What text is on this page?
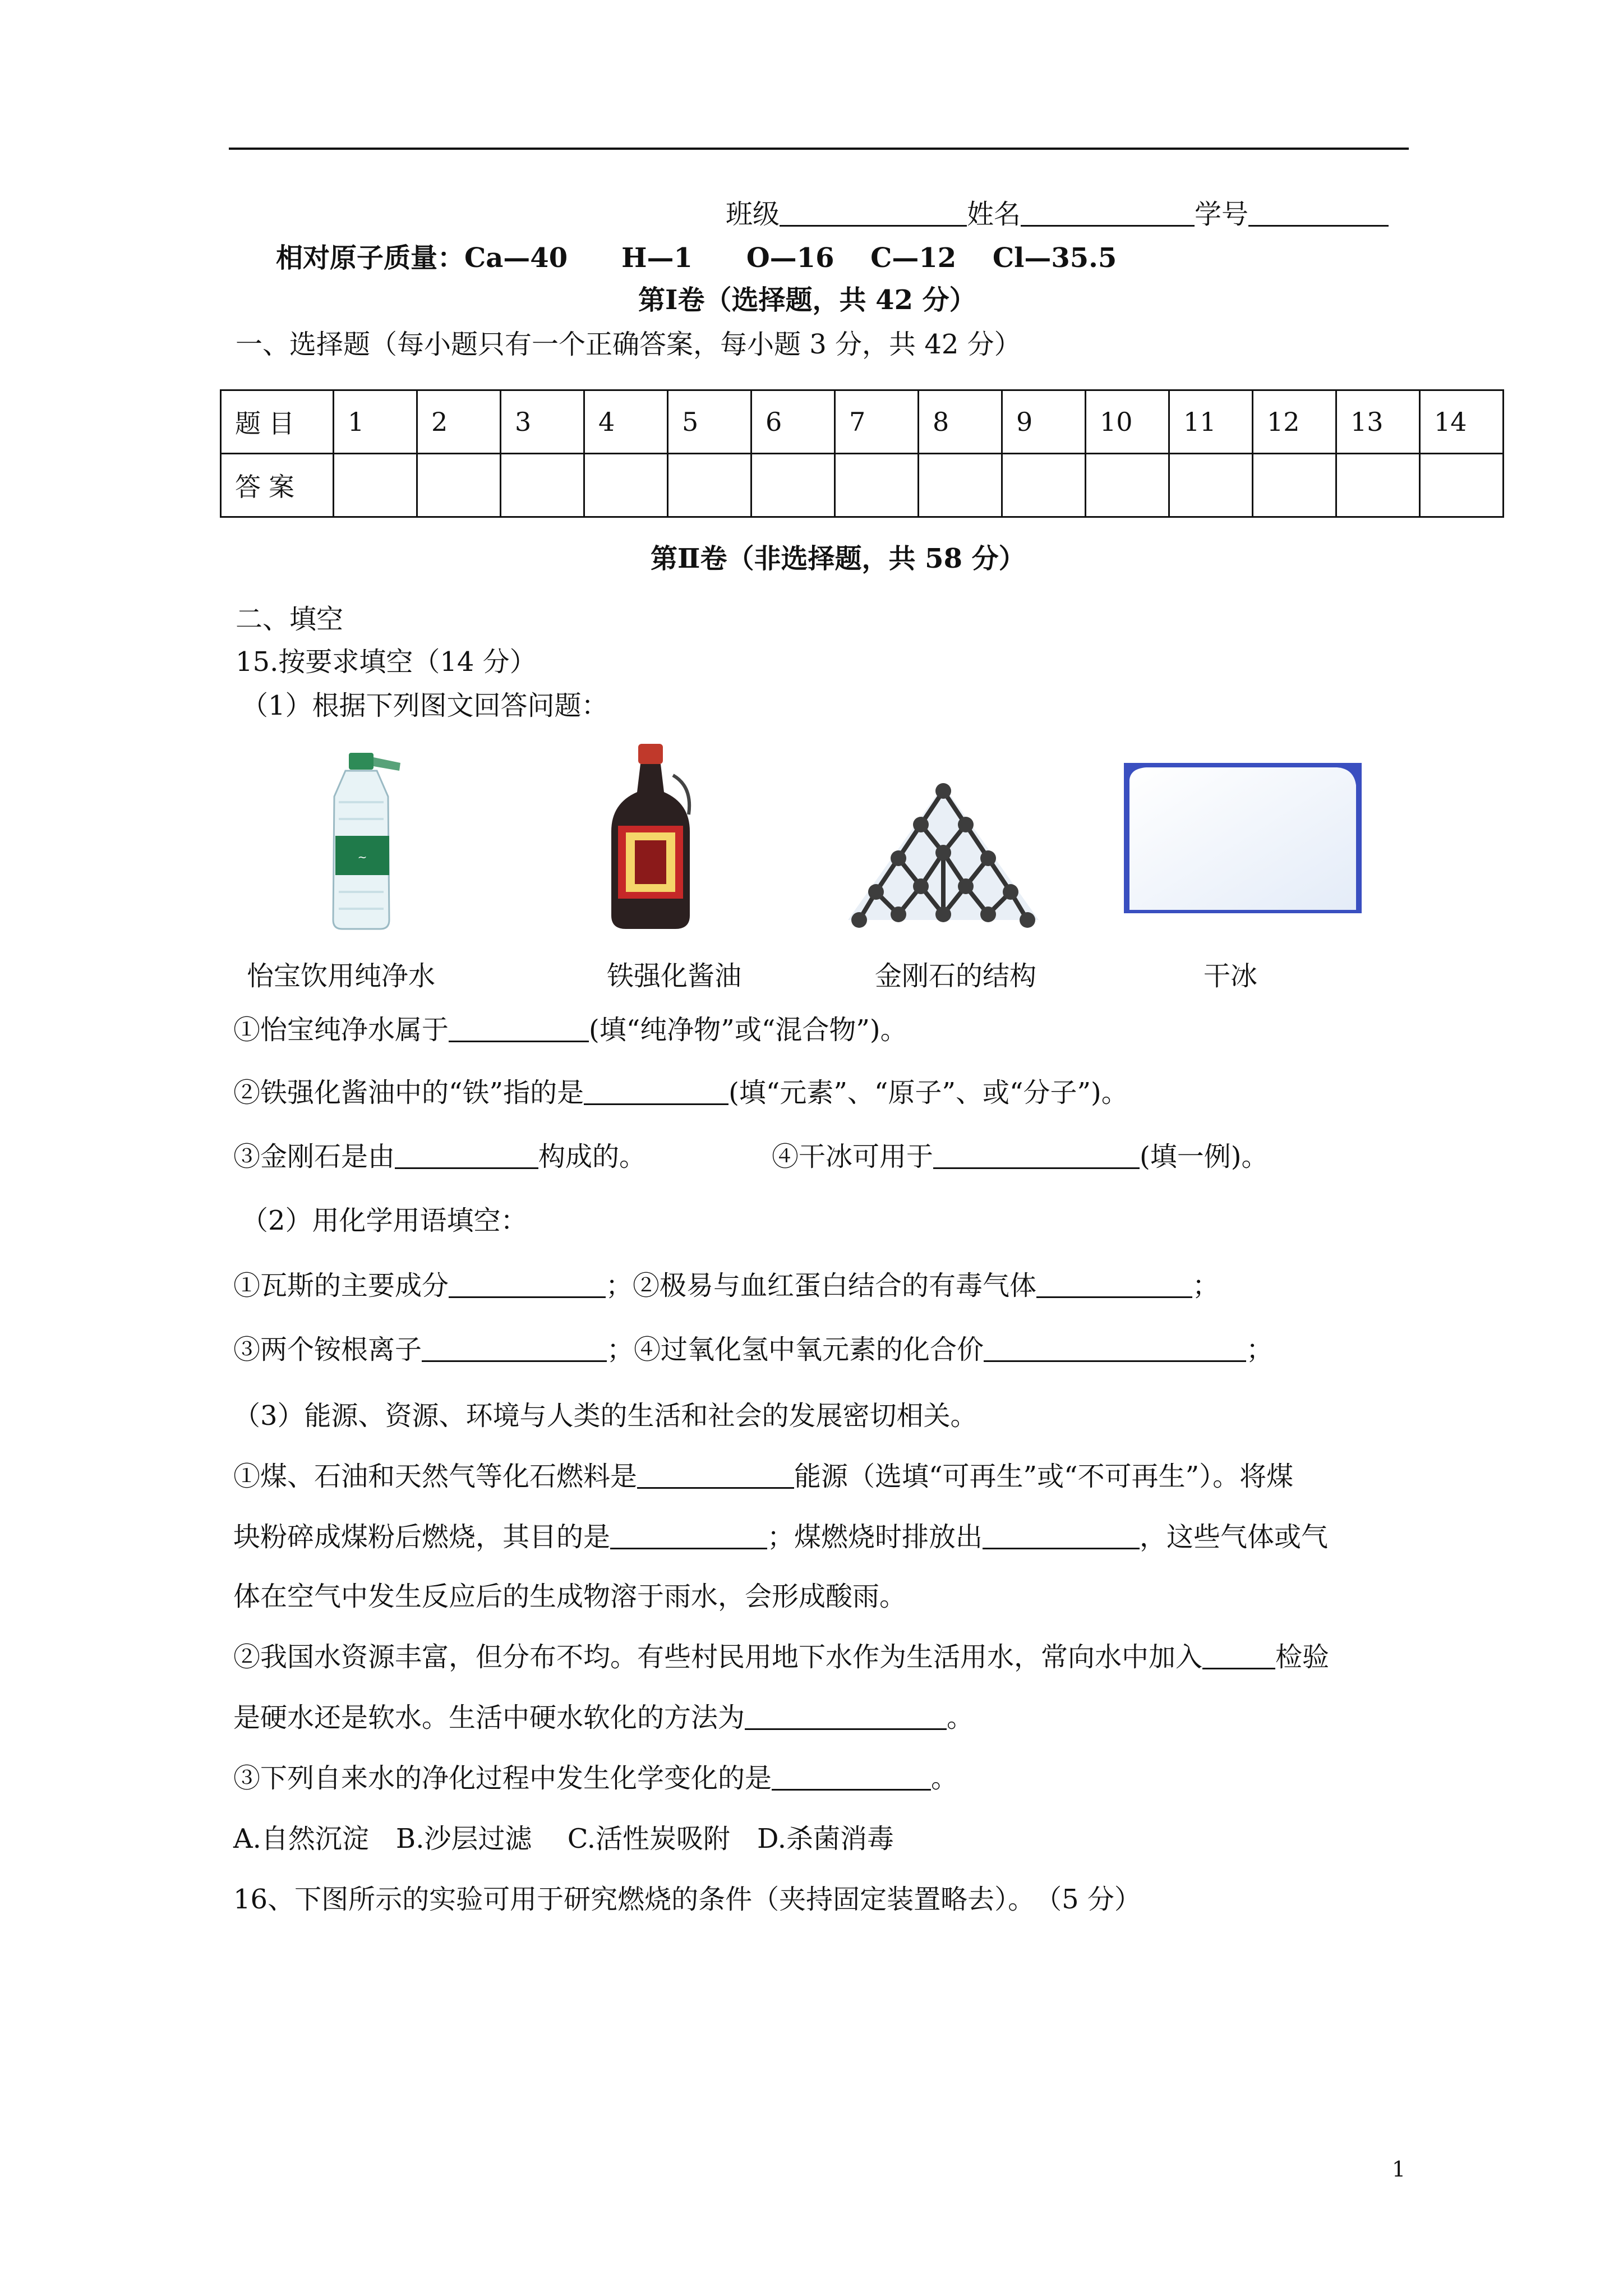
班级	姓名	学号
相对原子质量：Ca—40　　H—1　　O—16　 C—12　 Cl—35.5
第Ⅰ卷（选择题，共 42 分）
一、选择题（每小题只有一个正确答案，每小题 3 分，共 42 分）
题目	1	2	3	4	5	6	7	8	9	10	11	12	13	14
答案														
第Ⅱ卷（非选择题，共 58 分）
二、填空
15.按要求填空（14 分）
（1）根据下列图文回答问题：
~
怡宝饮用纯净水	铁强化酱油	金刚石的结构	干冰
①怡宝纯净水属于	(填“纯净物”或“混合物”)。
②铁强化酱油中的“铁”指的是	(填“元素”、“原子”、或“分子”)。
③金刚石是由	构成的。	④干冰可用于	(填一例)。
（2）用化学用语填空：
①瓦斯的主要成分	；②极易与血红蛋白结合的有毒气体	；
③两个铵根离子	；④过氧化氢中氧元素的化合价	；
（3）能源、资源、环境与人类的生活和社会的发展密切相关。
①煤、石油和天然气等化石燃料是	能源（选填“可再生”或“不可再生”）。将煤
块粉碎成煤粉后燃烧，其目的是	；煤燃烧时排放出	，这些气体或气
体在空气中发生反应后的生成物溶于雨水，会形成酸雨。
②我国水资源丰富，但分布不均。有些村民用地下水作为生活用水，常向水中加入	检验
是硬水还是软水。生活中硬水软化的方法为	。
③下列自来水的净化过程中发生化学变化的是	。
A.自然沉淀　B.沙层过滤　 C.活性炭吸附　D.杀菌消毒
16、下图所示的实验可用于研究燃烧的条件（夹持固定装置略去）。　（5 分）
1
